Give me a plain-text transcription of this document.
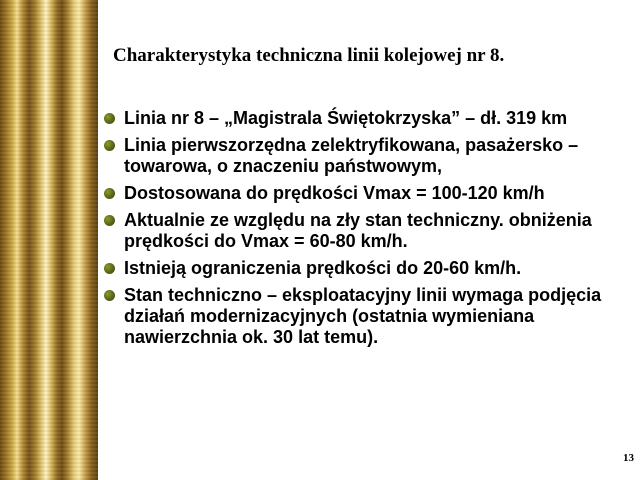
Charakterystyka techniczna linii kolejowej nr 8.
Linia nr 8 – „Magistrala Świętokrzyska” – dł. 319 km
Linia pierwszorzędna zelektryfikowana, pasażersko – towarowa, o znaczeniu państwowym,
Dostosowana do prędkości Vmax = 100-120 km/h
Aktualnie ze względu na zły stan techniczny. obniżenia prędkości do Vmax = 60-80 km/h.
Istnieją ograniczenia prędkości do 20-60 km/h.
Stan techniczno – eksploatacyjny linii wymaga podjęcia działań modernizacyjnych (ostatnia wymieniana nawierzchnia ok. 30 lat temu).
13
